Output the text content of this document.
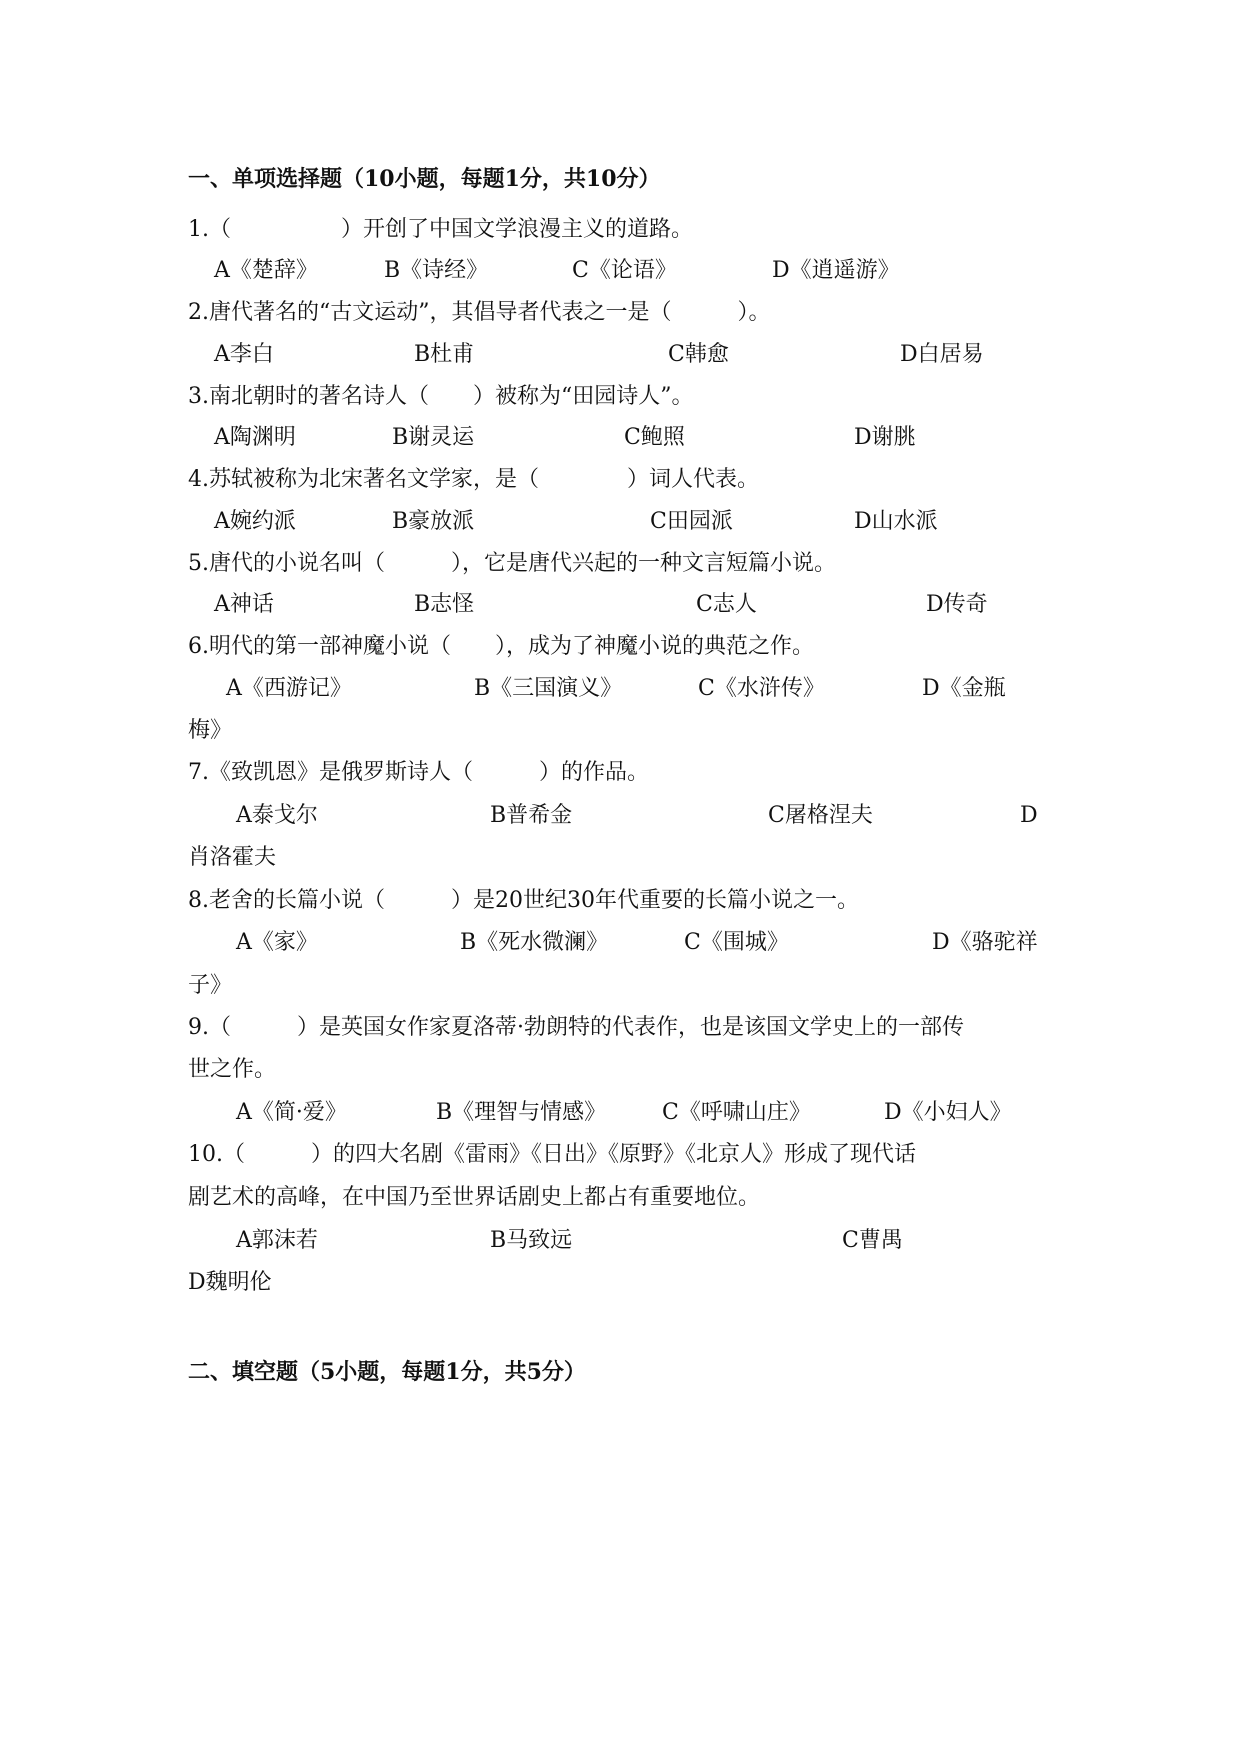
一、单项选择题（10小题，每题1分，共10分）
1.（　　　　　）开创了中国文学浪漫主义的道路。
A《楚辞》	B《诗经》	C《论语》	D《逍遥游》
2.唐代著名的“古文运动”，其倡导者代表之一是（　　　）。
A李白	B杜甫	C韩愈	D白居易
3.南北朝时的著名诗人（　　）被称为“田园诗人”。
A陶渊明	B谢灵运	C鲍照	D谢朓
4.苏轼被称为北宋著名文学家，是（　　　　）词人代表。
A婉约派	B豪放派	C田园派	D山水派
5.唐代的小说名叫（　　　），它是唐代兴起的一种文言短篇小说。
A神话	B志怪	C志人	D传奇
6.明代的第一部神魔小说（　　），成为了神魔小说的典范之作。
A《西游记》	B《三国演义》	C《水浒传》	D《金瓶
梅》
7.《致凯恩》是俄罗斯诗人（　　　）的作品。
A泰戈尔	B普希金	C屠格涅夫	D
肖洛霍夫
8.老舍的长篇小说（　　　）是20世纪30年代重要的长篇小说之一。
A《家》	B《死水微澜》	C《围城》	D《骆驼祥
子》
9.（　　　）是英国女作家夏洛蒂·勃朗特的代表作，也是该国文学史上的一部传
世之作。
A《简·爱》	B《理智与情感》	C《呼啸山庄》	D《小妇人》
10.（　　　）的四大名剧《雷雨》《日出》《原野》《北京人》形成了现代话
剧艺术的高峰，在中国乃至世界话剧史上都占有重要地位。
A郭沫若	B马致远	C曹禺
D魏明伦
二、填空题（5小题，每题1分，共5分）
